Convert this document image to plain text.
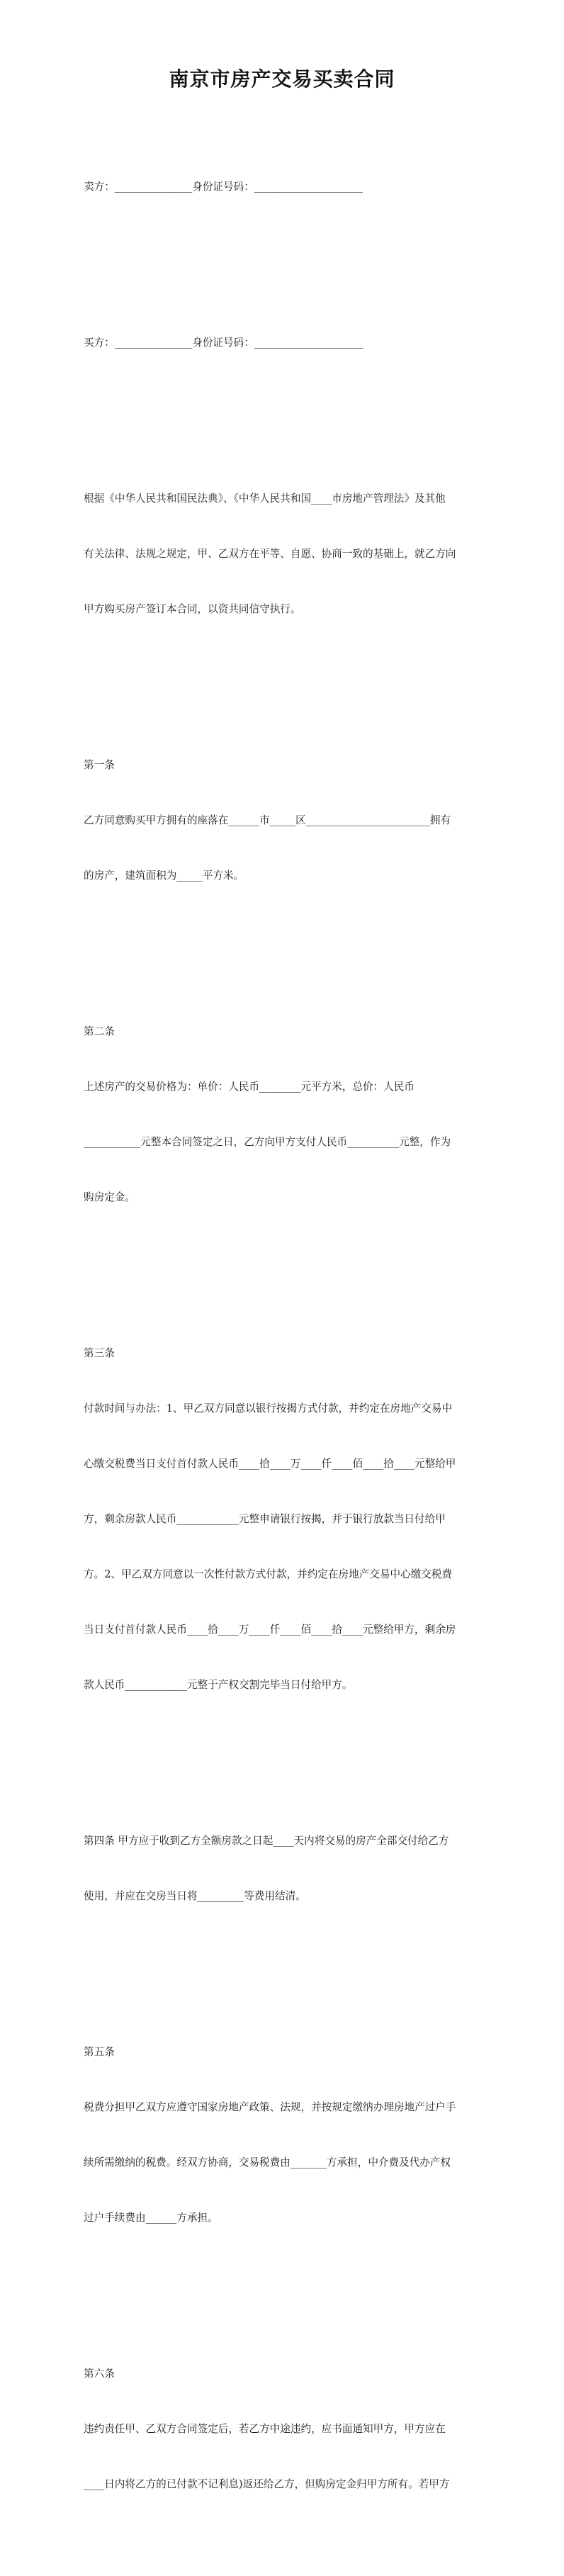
南京市房产交易买卖合同

卖方：_______________身份证号码：_____________________

买方：_______________身份证号码：_____________________

根据《中华人民共和国民法典》、《中华人民共和国____市房地产管理法》及其他

有关法律、法规之规定，甲、乙双方在平等、自愿、协商一致的基础上，就乙方向

甲方购买房产签订本合同，以资共同信守执行。

第一条

乙方同意购买甲方拥有的座落在______市_____区________________________拥有

的房产，建筑面积为_____平方米。

第二条

上述房产的交易价格为：单价：人民币________元平方米，总价：人民币

___________元整本合同签定之日，乙方向甲方支付人民币__________元整，作为

购房定金。

第三条

付款时间与办法：1、甲乙双方同意以银行按揭方式付款，并约定在房地产交易中

心缴交税费当日支付首付款人民币____拾____万____仟____佰____拾____元整给甲

方，剩余房款人民币____________元整申请银行按揭，并于银行放款当日付给甲

方。2、甲乙双方同意以一次性付款方式付款，并约定在房地产交易中心缴交税费

当日支付首付款人民币____拾____万____仟____佰____拾____元整给甲方，剩余房

款人民币____________元整于产权交割完毕当日付给甲方。

第四条 甲方应于收到乙方全额房款之日起____天内将交易的房产全部交付给乙方

使用，并应在交房当日将_________等费用结清。

第五条

税费分担甲乙双方应遵守国家房地产政策、法规，并按规定缴纳办理房地产过户手

续所需缴纳的税费。经双方协商，交易税费由_______方承担，中介费及代办产权

过户手续费由______方承担。

第六条

违约责任甲、乙双方合同签定后，若乙方中途违约，应书面通知甲方，甲方应在

____日内将乙方的已付款不记利息)返还给乙方，但购房定金归甲方所有。若甲方
